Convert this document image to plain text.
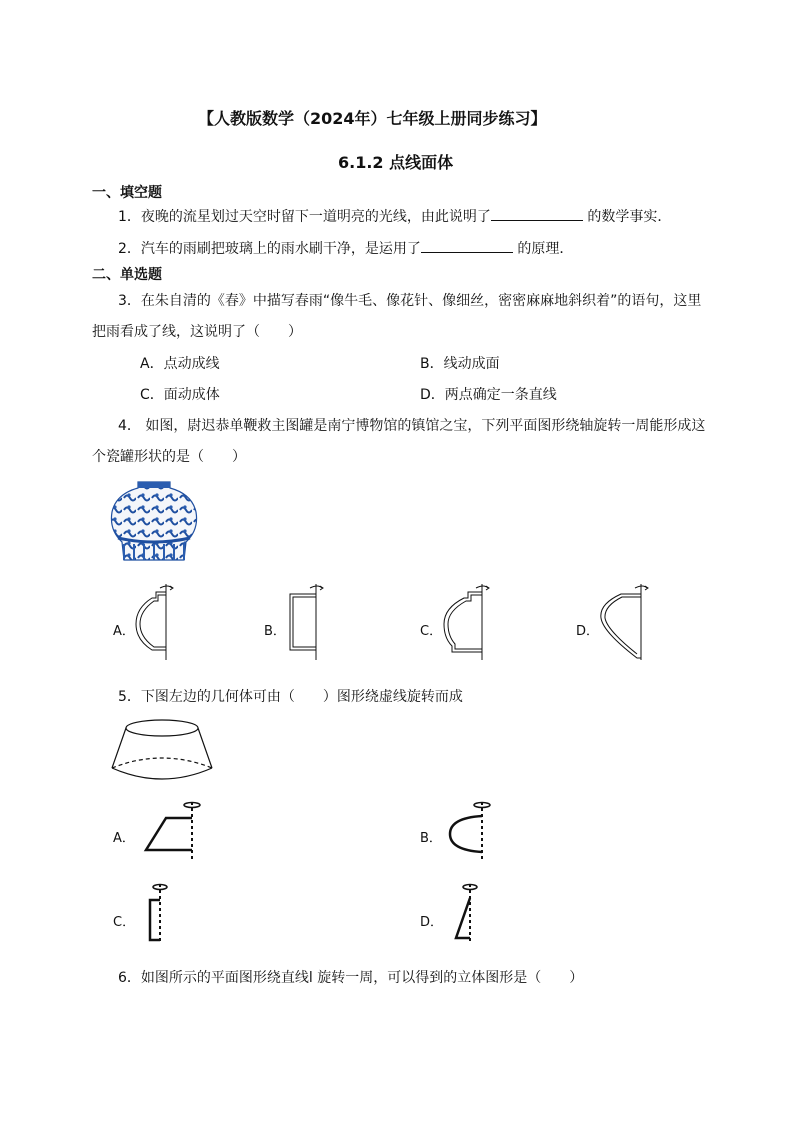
【人教版数学（2024年）七年级上册同步练习】
6.1.2 点线面体
一、填空题
1．夜晚的流星划过天空时留下一道明亮的光线，由此说明了	的数学事实．
2．汽车的雨刷把玻璃上的雨水刷干净，是运用了	的原理．
二、单选题
3．在朱自清的《春》中描写春雨“像牛毛、像花针、像细丝，密密麻麻地斜织着”的语句，这里
把雨看成了线，这说明了（　　）
A．点动成线	B．线动成面
C．面动成体	D．两点确定一条直线
4． 如图，尉迟恭单鞭救主图罐是南宁博物馆的镇馆之宝，下列平面图形绕轴旋转一周能形成这
个瓷罐形状的是（　　）
A．	B．	C．	D．
5．下图左边的几何体可由（　　）图形绕虚线旋转而成
A．	B．
C．	D．
6．如图所示的平面图形绕直线l 旋转一周，可以得到的立体图形是（　　）
